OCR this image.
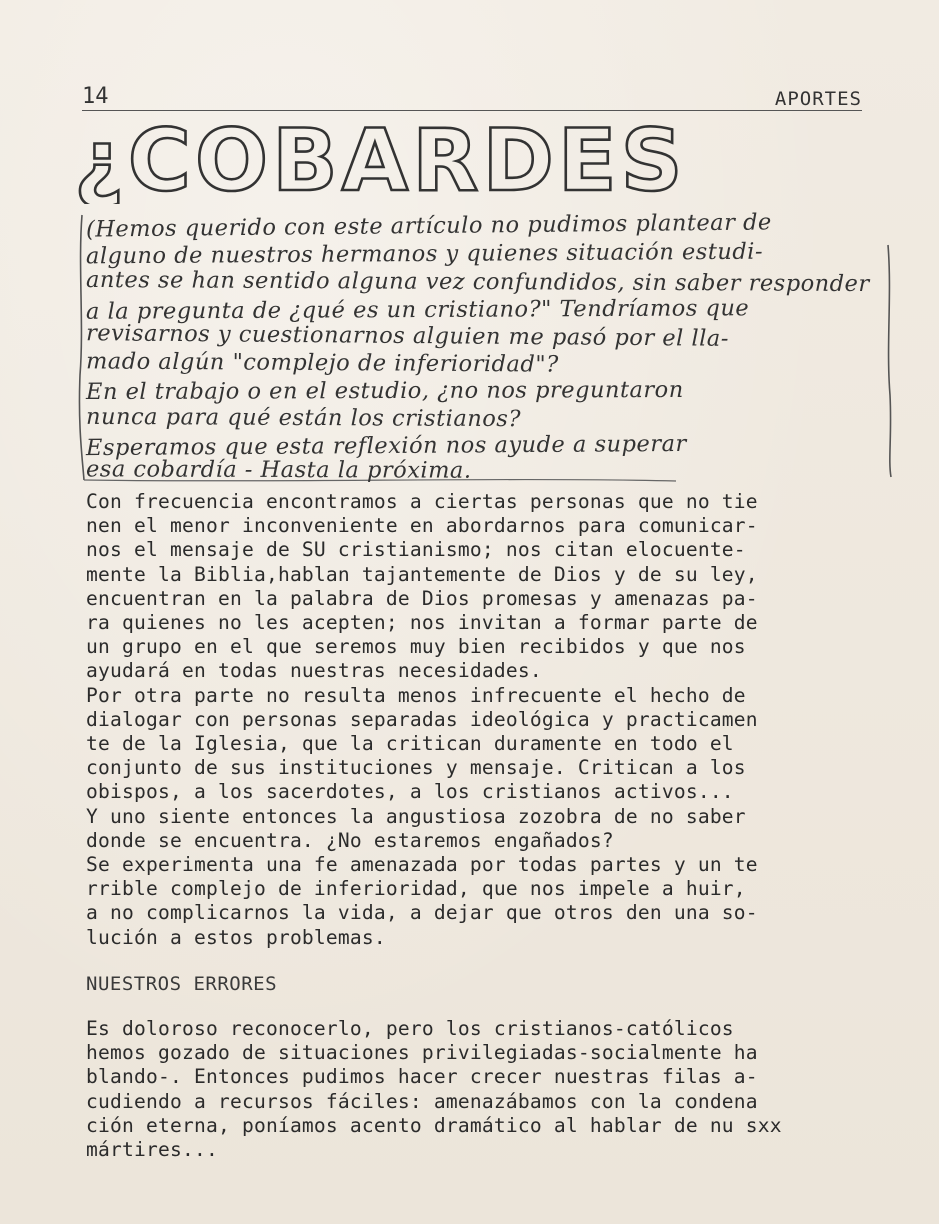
14	APORTES
¿COBARDES ?
(Hemos querido con este artículo no pudimos plantear de
alguno de nuestros hermanos y quienes situación estudi-
antes se han sentido alguna vez confundidos, sin saber responder
a la pregunta de ¿qué es un cristiano?" Tendríamos que
revisarnos y cuestionarnos alguien me pasó por el lla-
mado algún "complejo de inferioridad"?
En el trabajo o en el estudio, ¿no nos preguntaron
nunca para qué están los cristianos?
Esperamos que esta reflexión nos ayude a superar
esa cobardía - Hasta la próxima.
Con frecuencia encontramos a ciertas personas que no tie
nen el menor inconveniente en abordarnos para comunicar-
nos el mensaje de SU cristianismo; nos citan elocuente-
mente la Biblia,hablan tajantemente de Dios y de su ley,
encuentran en la palabra de Dios promesas y amenazas pa-
ra quienes no les acepten; nos invitan a formar parte de
un grupo en el que seremos muy bien recibidos y que nos
ayudará en todas nuestras necesidades.
Por otra parte no resulta menos infrecuente el hecho de
dialogar con personas separadas ideológica y practicamen
te de la Iglesia, que la critican duramente en todo el
conjunto de sus instituciones y mensaje. Critican a los
obispos, a los sacerdotes, a los cristianos activos...
Y uno siente entonces la angustiosa zozobra de no saber
donde se encuentra. ¿No estaremos engañados?
Se experimenta una fe amenazada por todas partes y un te
rrible complejo de inferioridad, que nos impele a huir,
a no complicarnos la vida, a dejar que otros den una so-
lución a estos problemas.
NUESTROS ERRORES
Es doloroso reconocerlo, pero los cristianos-católicos
hemos gozado de situaciones privilegiadas-socialmente ha
blando-. Entonces pudimos hacer crecer nuestras filas a-
cudiendo a recursos fáciles: amenazábamos con la condena
ción eterna, poníamos acento dramático al hablar de nu sxx
mártires...
